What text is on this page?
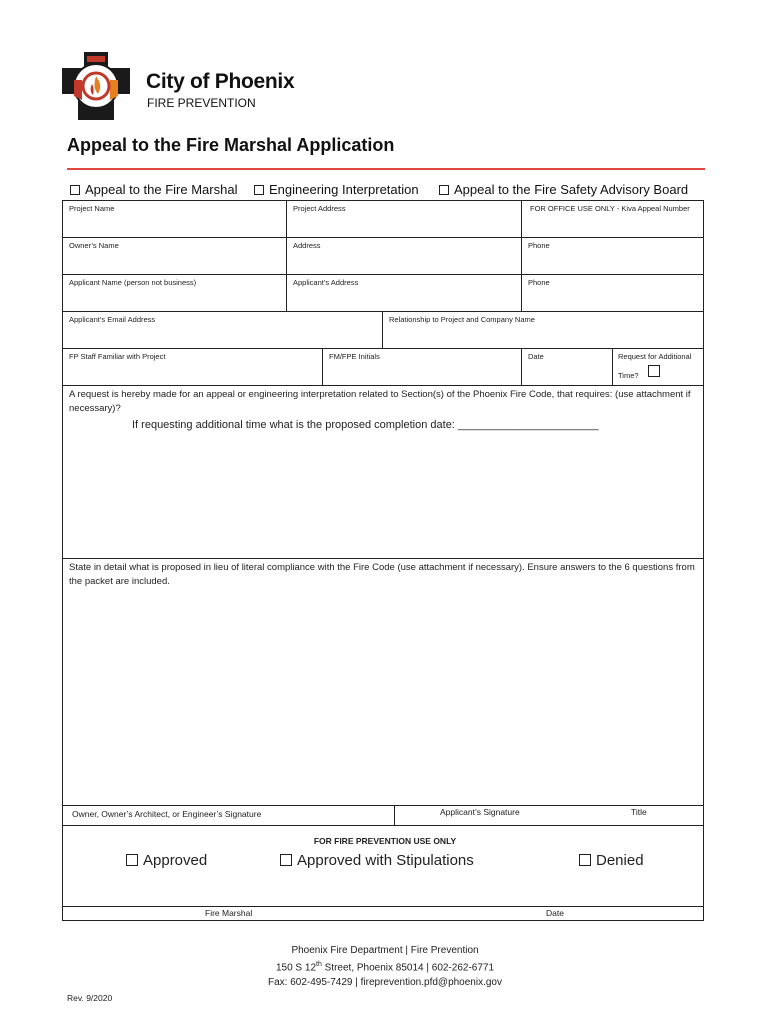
City of Phoenix
FIRE PREVENTION
Appeal to the Fire Marshal Application
Appeal to the Fire Marshal	Engineering Interpretation	Appeal to the Fire Safety Advisory Board
Project Name	Project Address	FOR OFFICE USE ONLY - Kiva Appeal Number
Owner’s Name	Address	Phone
Applicant Name (person not business)	Applicant’s Address	Phone
Applicant’s Email Address	Relationship to Project and Company Name
FP Staff Familiar with Project	FM/FPE Initials	Date	Request for Additional
Time?
A request is hereby made for an appeal or engineering interpretation related to Section(s) of the Phoenix Fire Code, that requires: (use attachment if necessary)?
If requesting additional time what is the proposed completion date: _______________________
State in detail what is proposed in lieu of literal compliance with the Fire Code (use attachment if necessary). Ensure answers to the 6 questions from the packet are included.
Owner, Owner’s Architect, or Engineer’s Signature	Applicant’s Signature	Title
FOR FIRE PREVENTION USE ONLY
Approved	Approved with Stipulations	Denied
Fire Marshal	Date
Phoenix Fire Department | Fire Prevention
150 S 12th Street, Phoenix 85014 | 602-262-6771
Fax: 602-495-7429 | fireprevention.pfd@phoenix.gov
Rev. 9/2020
